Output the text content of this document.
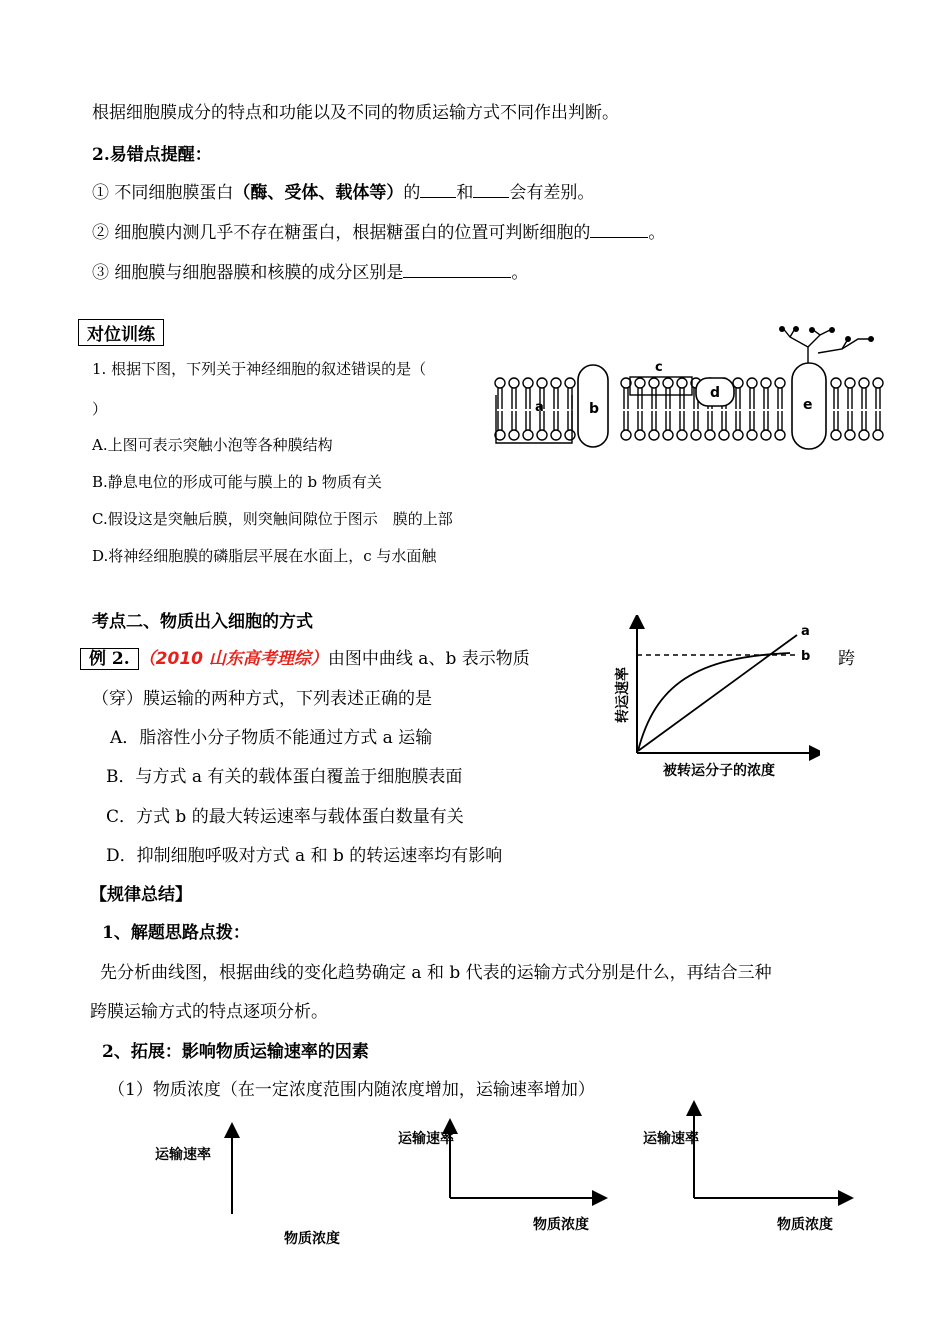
根据细胞膜成分的特点和功能以及不同的物质运输方式不同作出判断。
2.易错点提醒：
① 不同细胞膜蛋白（酶、受体、载体等）的 和 会有差别。
② 细胞膜内测几乎不存在糖蛋白，根据糖蛋白的位置可判断细胞的	。
③ 细胞膜与细胞器膜和核膜的成分区别是	。
对位训练
1. 根据下图，下列关于神经细胞的叙述错误的是（
）
A.上图可表示突触小泡等各种膜结构
B.静息电位的形成可能与膜上的 b 物质有关
C.假设这是突触后膜，则突触间隙位于图示　膜的上部
D.将神经细胞膜的磷脂层平展在水面上，c 与水面触
a	b
c
d
e
考点二、物质出入细胞的方式
例 2. （2010 山东高考理综）由图中曲线 a、b 表示物质	跨
（穿）膜运输的两种方式，下列表述正确的是
A．脂溶性小分子物质不能通过方式 a 运输
B．与方式 a 有关的载体蛋白覆盖于细胞膜表面
C．方式 b 的最大转运速率与载体蛋白数量有关
D．抑制细胞呼吸对方式 a 和 b 的转运速率均有影响
a
b
被转运分子的浓度
转运速率
【规律总结】
1、解题思路点拨：
先分析曲线图，根据曲线的变化趋势确定 a 和 b 代表的运输方式分别是什么，再结合三种
跨膜运输方式的特点逐项分析。
2、拓展：影响物质运输速率的因素
（1）物质浓度（在一定浓度范围内随浓度增加，运输速率增加）
运输速率
物质浓度
运输速率
物质浓度
运输速率
物质浓度
